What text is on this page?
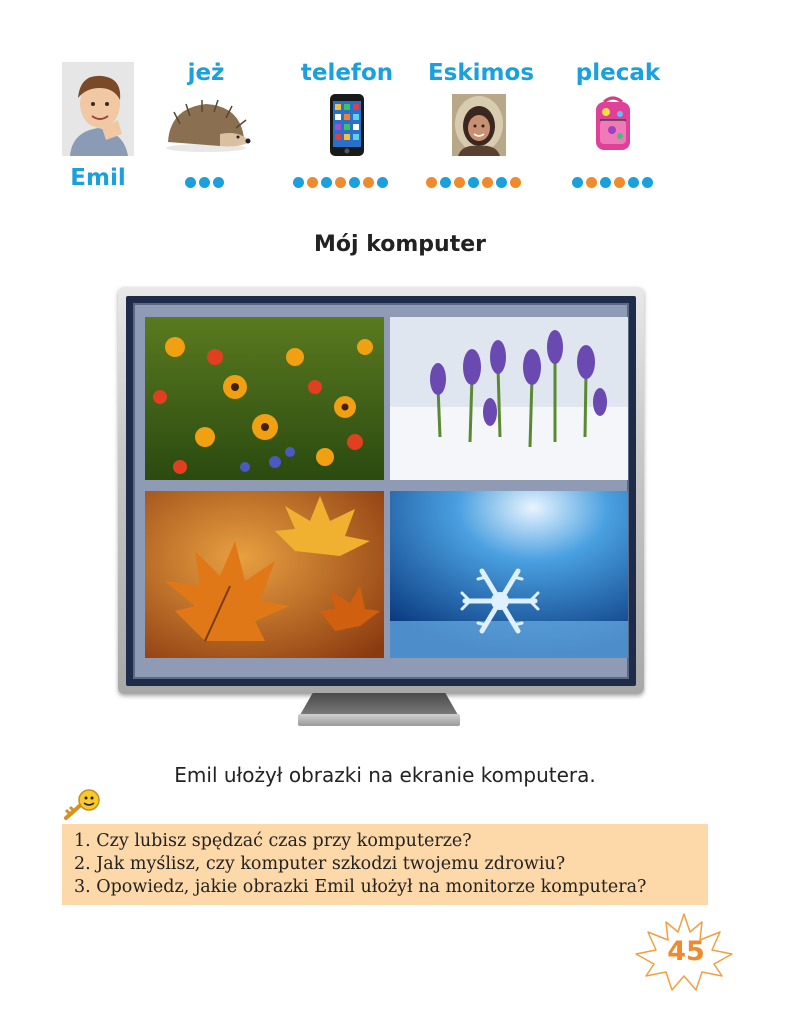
Emil
jeż	telefon	Eskimos	plecak
Mój komputer
Emil ułożył obrazki na ekranie komputera.
1. Czy lubisz spędzać czas przy komputerze?
2. Jak myślisz, czy komputer szkodzi twojemu zdrowiu?
3. Opowiedz, jakie obrazki Emil ułożył na monitorze komputera?
45
